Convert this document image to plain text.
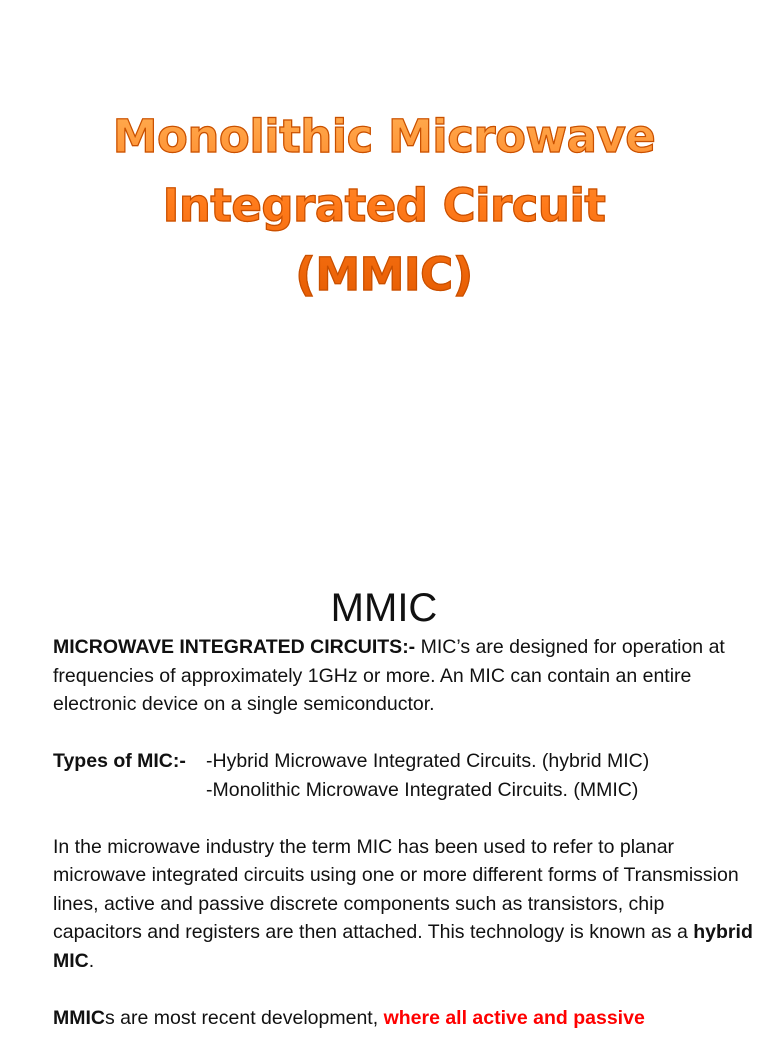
Monolithic Microwave
Integrated Circuit
(MMIC)
MMIC

MICROWAVE INTEGRATED CIRCUITS:- MIC’s are designed for operation at frequencies of approximately 1GHz or more. An MIC can contain an entire electronic device on a single semiconductor.

Types of MIC:-	-Hybrid Microwave Integrated Circuits. (hybrid MIC)
-Monolithic Microwave Integrated Circuits. (MMIC)

In the microwave industry the term MIC has been used to refer to planar microwave integrated circuits using one or more different forms of Transmission lines, active and passive discrete components such as transistors, chip capacitors and registers are then attached. This technology is known as a hybrid MIC.

MMICs are most recent development, where all active and passive
